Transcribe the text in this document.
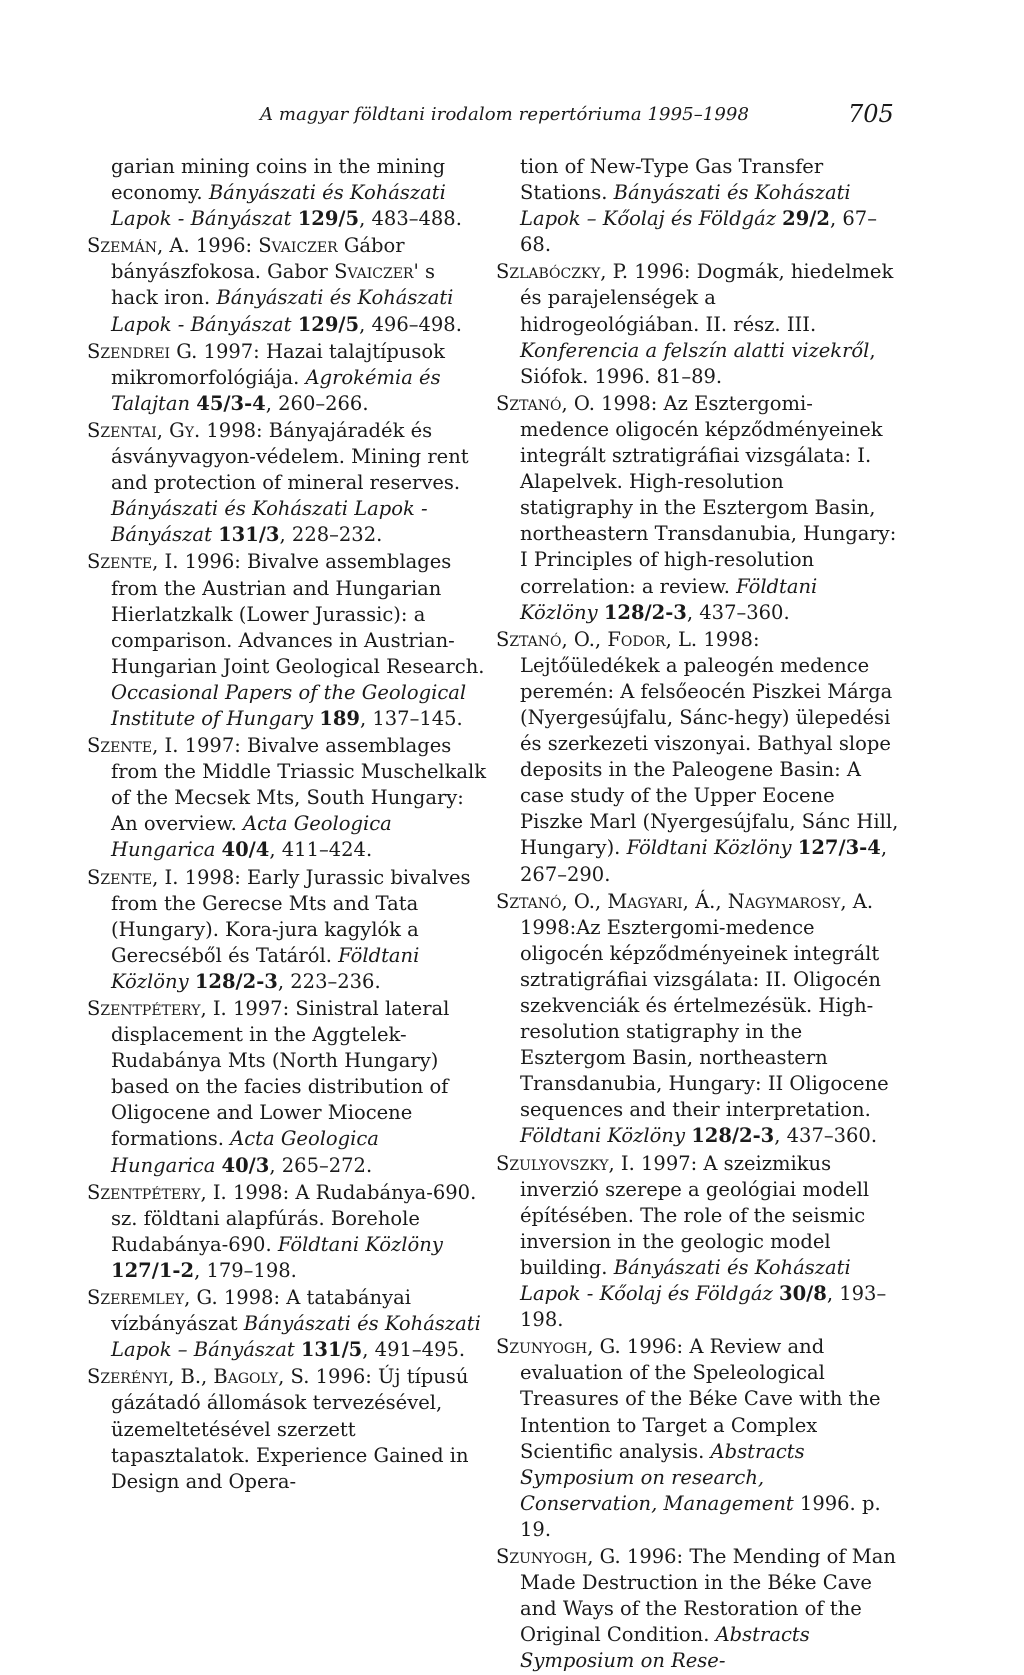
A magyar földtani irodalom repertóriuma 1995–1998	705

garian mining coins in the mining economy. Bányászati és Kohászati Lapok - Bányászat 129/5, 483–488.

Szemán, A. 1996: Svaiczer Gábor bányászfokosa. Gabor Svaiczer' s hack iron. Bányászati és Kohászati Lapok - Bányászat 129/5, 496–498.

Szendrei G. 1997: Hazai talajtípusok mikromorfológiája. Agrokémia és Talajtan 45/3-4, 260–266.

Szentai, Gy. 1998: Bányajáradék és ásványvagyon-védelem. Mining rent and protection of mineral reserves. Bányászati és Kohászati Lapok - Bányászat 131/3, 228–232.

Szente, I. 1996: Bivalve assemblages from the Austrian and Hungarian Hierlatzkalk (Lower Jurassic): a comparison. Advances in Austrian-Hungarian Joint Geological Research. Occasional Papers of the Geological Institute of Hungary 189, 137–145.

Szente, I. 1997: Bivalve assemblages from the Middle Triassic Muschelkalk of the Mecsek Mts, South Hungary: An overview. Acta Geologica Hungarica 40/4, 411–424.

Szente, I. 1998: Early Jurassic bivalves from the Gerecse Mts and Tata (Hungary). Kora-jura kagylók a Gerecséből és Tatáról. Földtani Közlöny 128/2-3, 223–236.

Szentpétery, I. 1997: Sinistral lateral displacement in the Aggtelek-Rudabánya Mts (North Hungary) based on the facies distribution of Oligocene and Lower Miocene formations. Acta Geologica Hungarica 40/3, 265–272.

Szentpétery, I. 1998: A Rudabánya-690. sz. földtani alapfúrás. Borehole Rudabánya-690. Földtani Közlöny 127/1-2, 179–198.

Szeremley, G. 1998: A tatabányai vízbányászat Bányászati és Kohászati Lapok – Bányászat 131/5, 491–495.

Szerényi, B., Bagoly, S. 1996: Új típusú gázátadó állomások tervezésével, üzemeltetésével szerzett tapasztalatok. Experience Gained in Design and Opera-

tion of New-Type Gas Transfer Stations. Bányászati és Kohászati Lapok – Kőolaj és Földgáz 29/2, 67–68.

Szlabóczky, P. 1996: Dogmák, hiedelmek és parajelenségek a hidrogeológiában. II. rész. III. Konferencia a felszín alatti vizekről, Siófok. 1996. 81–89.

Sztanó, O. 1998: Az Esztergomi-medence oligocén képződményeinek integrált sztratigráfiai vizsgálata: I. Alapelvek. High-resolution statigraphy in the Esztergom Basin, northeastern Transdanubia, Hungary: I Principles of high-resolution correlation: a review. Földtani Közlöny 128/2-3, 437–360.

Sztanó, O., Fodor, L. 1998: Lejtőüledékek a paleogén medence peremén: A felsőeocén Piszkei Márga (Nyergesújfalu, Sánc-hegy) ülepedési és szerkezeti viszonyai. Bathyal slope deposits in the Paleogene Basin: A case study of the Upper Eocene Piszke Marl (Nyergesújfalu, Sánc Hill, Hungary). Földtani Közlöny 127/3-4, 267–290.

Sztanó, O., Magyari, Á., Nagymarosy, A. 1998:Az Esztergomi-medence oligocén képződményeinek integrált sztratigráfiai vizsgálata: II. Oligocén szekvenciák és értelmezésük. High-resolution statigraphy in the Esztergom Basin, northeastern Transdanubia, Hungary: II Oligocene sequences and their interpretation. Földtani Közlöny 128/2-3, 437–360.

Szulyovszky, I. 1997: A szeizmikus inverzió szerepe a geológiai modell építésében. The role of the seismic inversion in the geologic model building. Bányászati és Kohászati Lapok - Kőolaj és Földgáz 30/8, 193–198.

Szunyogh, G. 1996: A Review and evaluation of the Speleological Treasures of the Béke Cave with the Intention to Target a Complex Scientific analysis. Abstracts Symposium on research, Conservation, Management 1996. p. 19.

Szunyogh, G. 1996: The Mending of Man Made Destruction in the Béke Cave and Ways of the Restoration of the Original Condition. Abstracts Symposium on Rese-
